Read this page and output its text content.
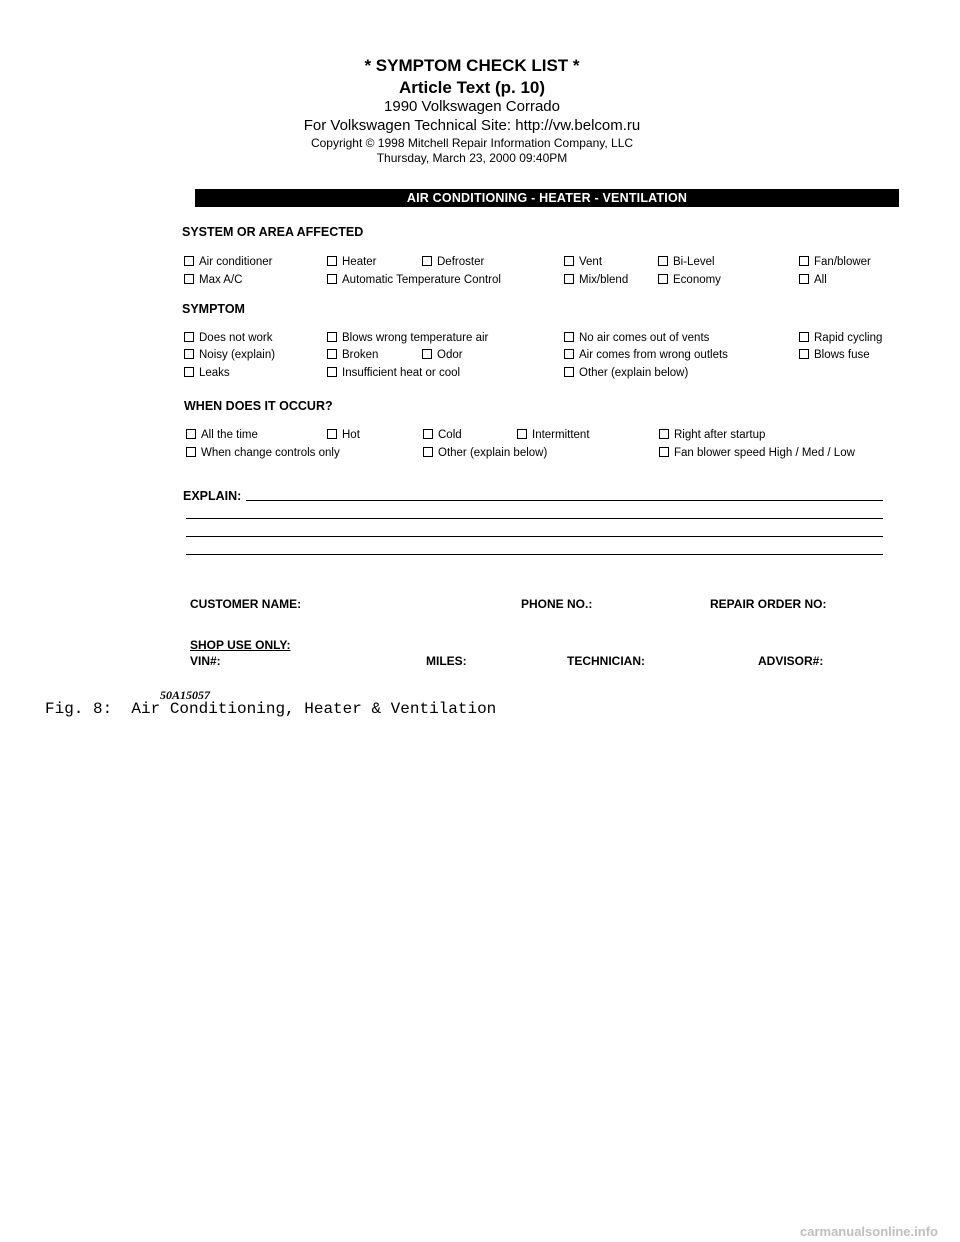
* SYMPTOM CHECK LIST *
Article Text (p. 10)
1990 Volkswagen Corrado
For Volkswagen Technical Site: http://vw.belcom.ru
Copyright © 1998 Mitchell Repair Information Company, LLC
Thursday, March 23, 2000 09:40PM
AIR CONDITIONING - HEATER - VENTILATION
SYSTEM OR AREA AFFECTED
Air conditioner	Heater	Defroster	Vent	Bi-Level	Fan/blower
Max A/C	Automatic Temperature Control	Mix/blend	Economy	All
SYMPTOM
Does not work	Blows wrong temperature air	No air comes out of vents	Rapid cycling
Noisy (explain)	Broken	Odor	Air comes from wrong outlets	Blows fuse
Leaks	Insufficient heat or cool	Other (explain below)
WHEN DOES IT OCCUR?
All the time	Hot	Cold	Intermittent	Right after startup
When change controls only	Other (explain below)	Fan blower speed High / Med / Low
EXPLAIN:
CUSTOMER NAME:	PHONE NO.:	REPAIR ORDER NO:
SHOP USE ONLY:
VIN#:	MILES:	TECHNICIAN:	ADVISOR#:
50A15057
Fig. 8:  Air Conditioning, Heater & Ventilation
carmanualsonline.info
